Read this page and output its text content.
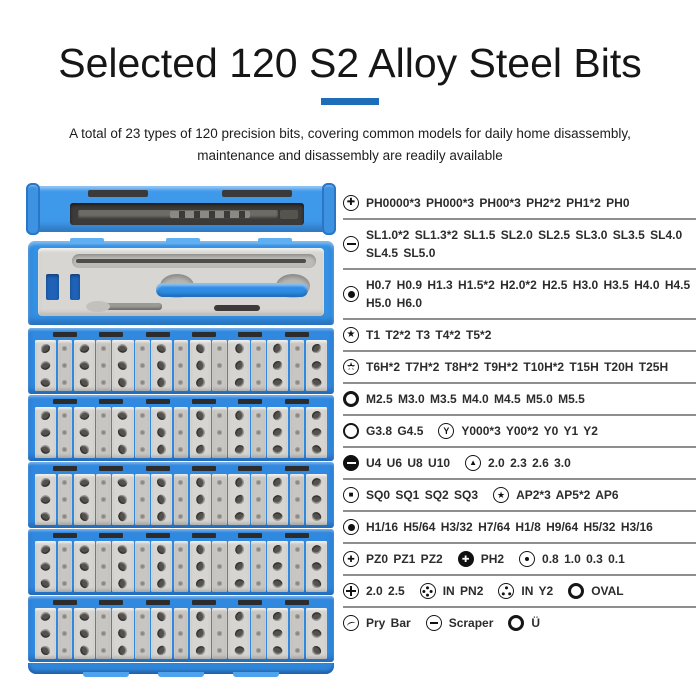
Selected 120 S2 Alloy Steel Bits

A total of 23 types of 120 precision bits, covering common models for daily home disassembly,
maintenance and disassembly are readily available

✚
PH0000*3 PH000*3 PH00*3 PH2*2 PH1*2 PH0
SL1.0*2 SL1.3*2 SL1.5 SL2.0 SL2.5 SL3.0 SL3.5 SL4.0 SL4.5 SL5.0
H0.7 H0.9 H1.3 H1.5*2 H2.0*2 H2.5 H3.0 H3.5 H4.0 H4.5 H5.0 H6.0
★
T1 T2*2 T3 T4*2 T5*2
★
T6H*2 T7H*2 T8H*2 T9H*2 T10H*2 T15H T20H T25H
M2.5 M3.0 M3.5 M4.0 M4.5 M5.0 M5.5
G3.8 G4.5 Y	Y000*3 Y00*2 Y0 Y1 Y2
U4 U6 U8 U10 ▲	2.0 2.3 2.6 3.0
■
SQ0 SQ1 SQ2 SQ3 ★	AP2*3 AP5*2 AP6
H1/16 H5/64 H3/32 H7/64 H1/8 H9/64 H5/32 H3/16
✚
PZ0 PZ1 PZ2 ✚	PH2	0.8 1.0 0.3 0.1
2.0 2.5	IN PN2	IN Y2	OVAL
Pry Bar	Scraper	Ü
